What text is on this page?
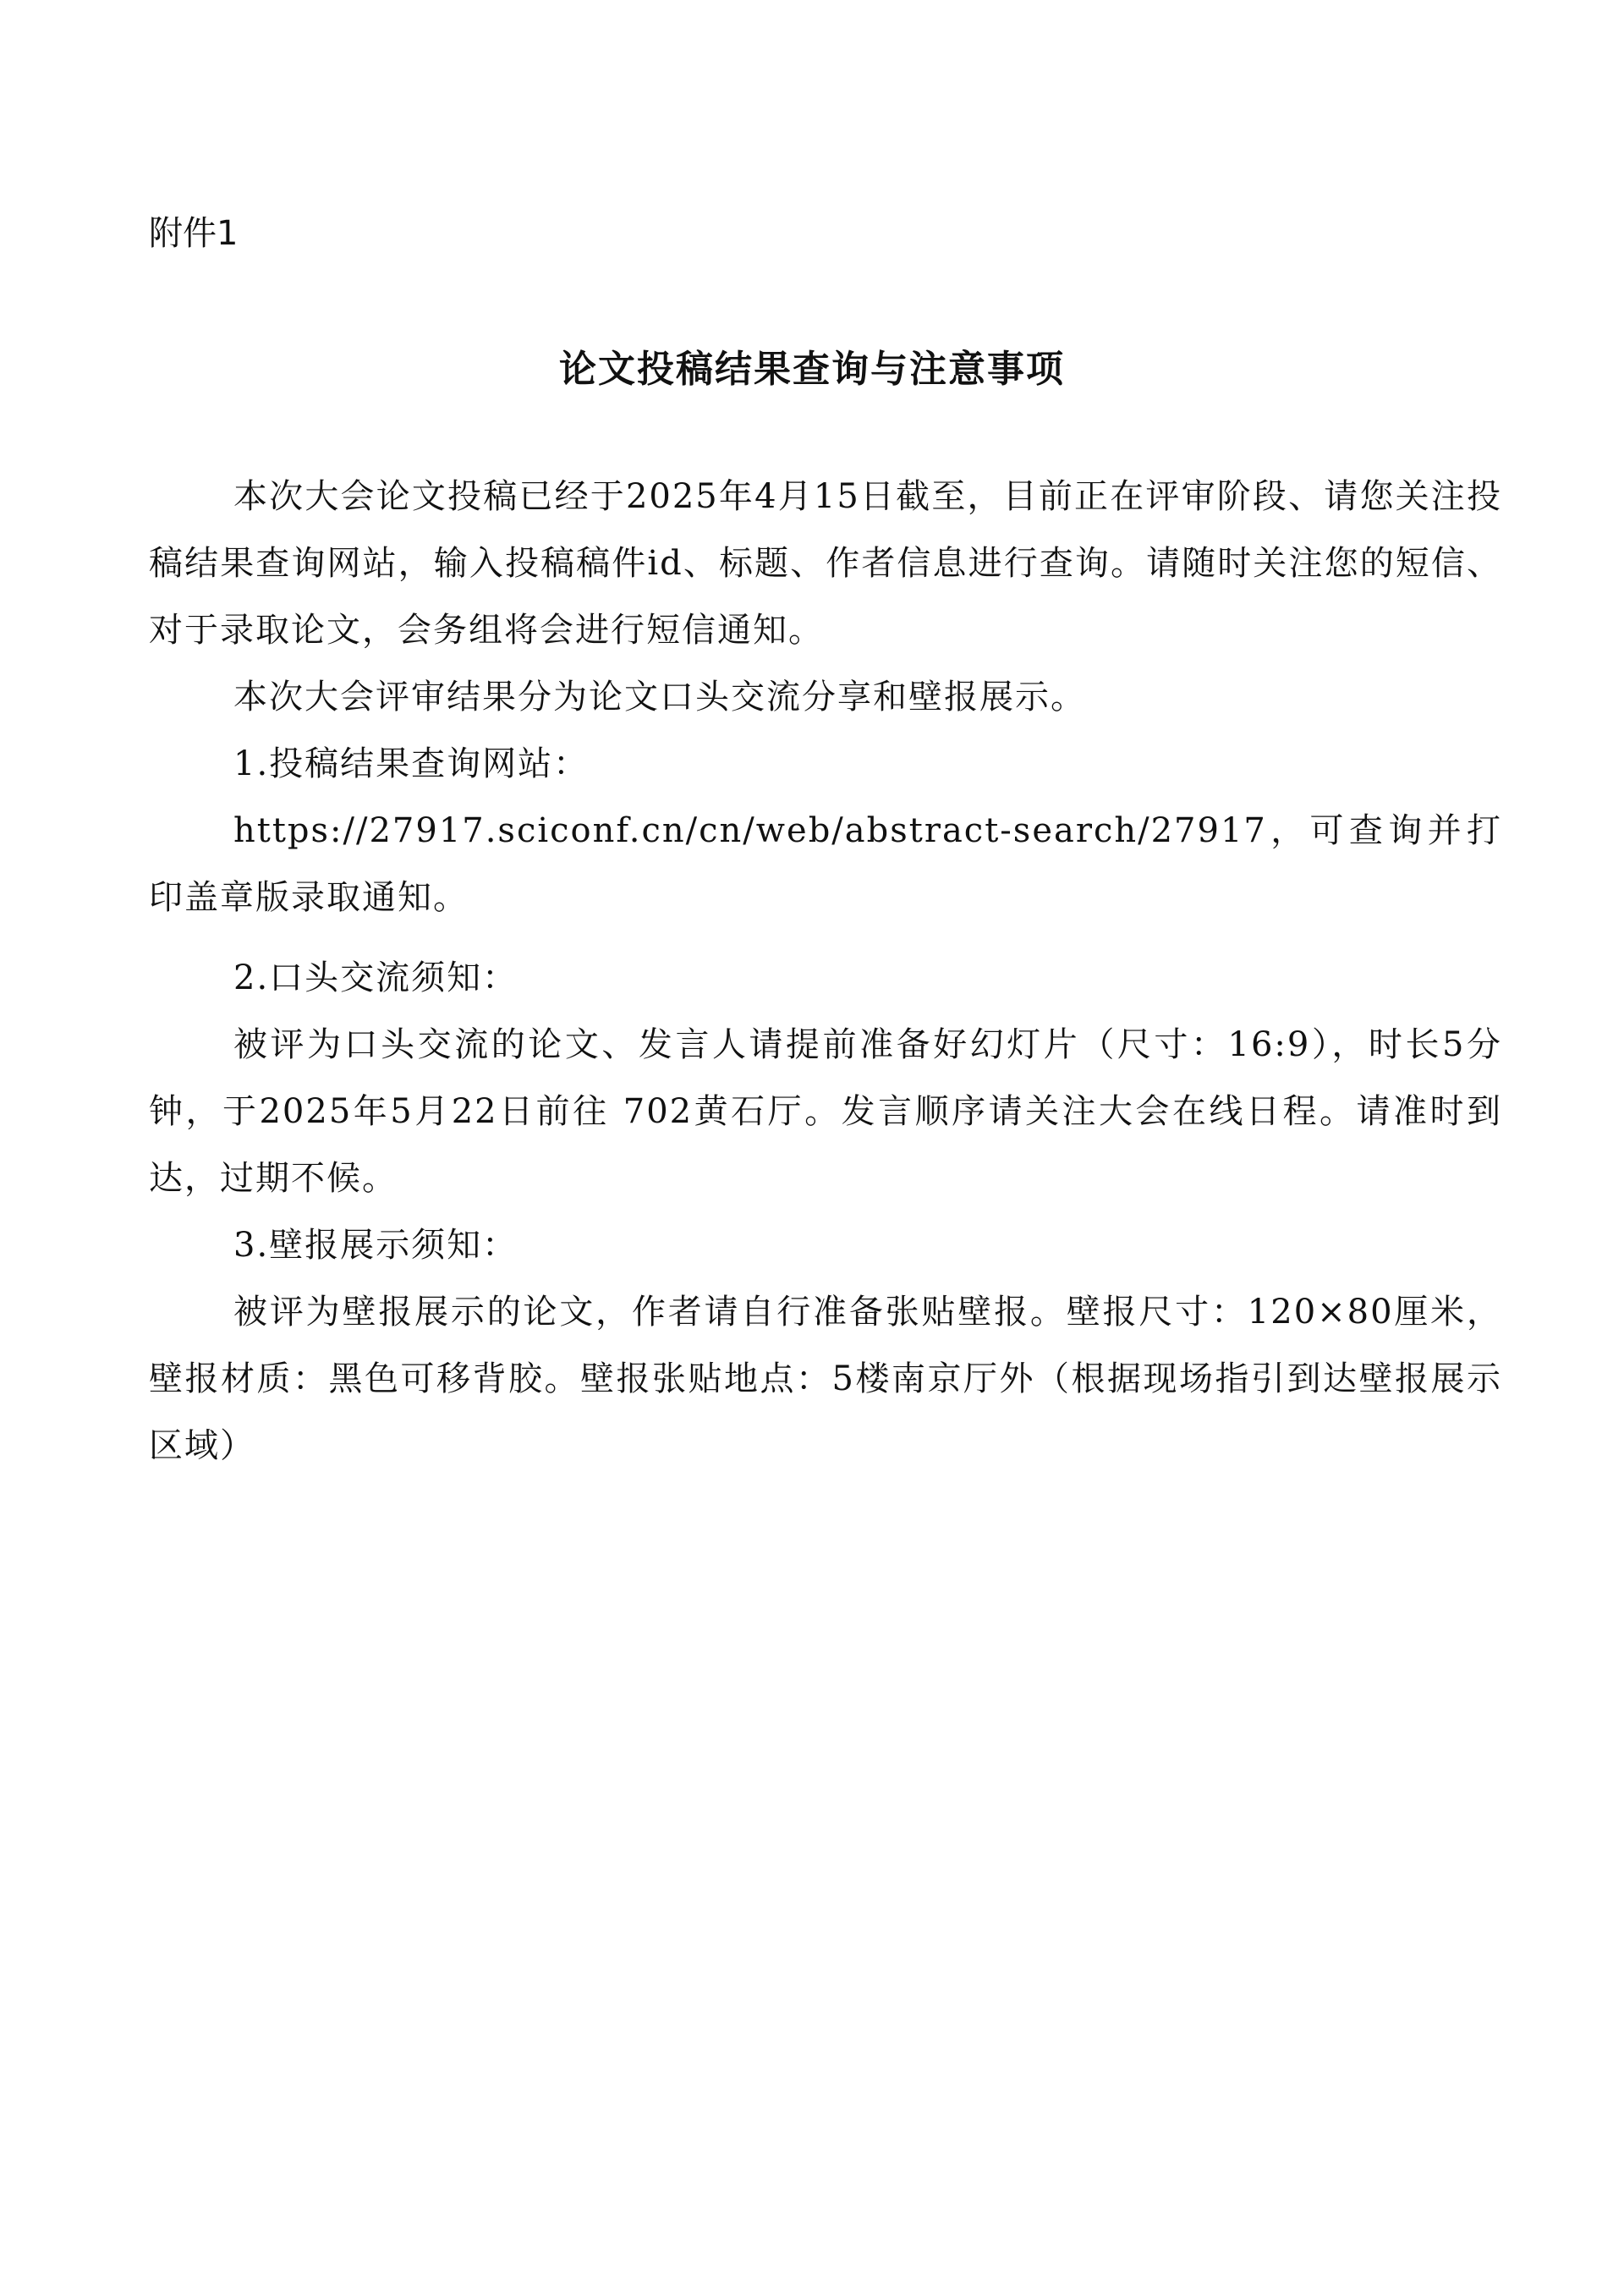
附件1

论文投稿结果查询与注意事项

本次大会论文投稿已经于2025年4月15日截至，目前正在评审阶段、请您关注投稿结果查询网站，输入投稿稿件id、标题、作者信息进行查询。请随时关注您的短信、对于录取论文，会务组将会进行短信通知。

本次大会评审结果分为论文口头交流分享和壁报展示。

1.投稿结果查询网站：

https://27917.sciconf.cn/cn/web/abstract-search/27917，可查询并打印盖章版录取通知。

2.口头交流须知：

被评为口头交流的论文、发言人请提前准备好幻灯片（尺寸：16:9），时长5分钟，于2025年5月22日前往 702黄石厅。发言顺序请关注大会在线日程。请准时到达，过期不候。

3.壁报展示须知：

被评为壁报展示的论文，作者请自行准备张贴壁报。壁报尺寸：120×80厘米，壁报材质：黑色可移背胶。壁报张贴地点：5楼南京厅外（根据现场指引到达壁报展示区域）
